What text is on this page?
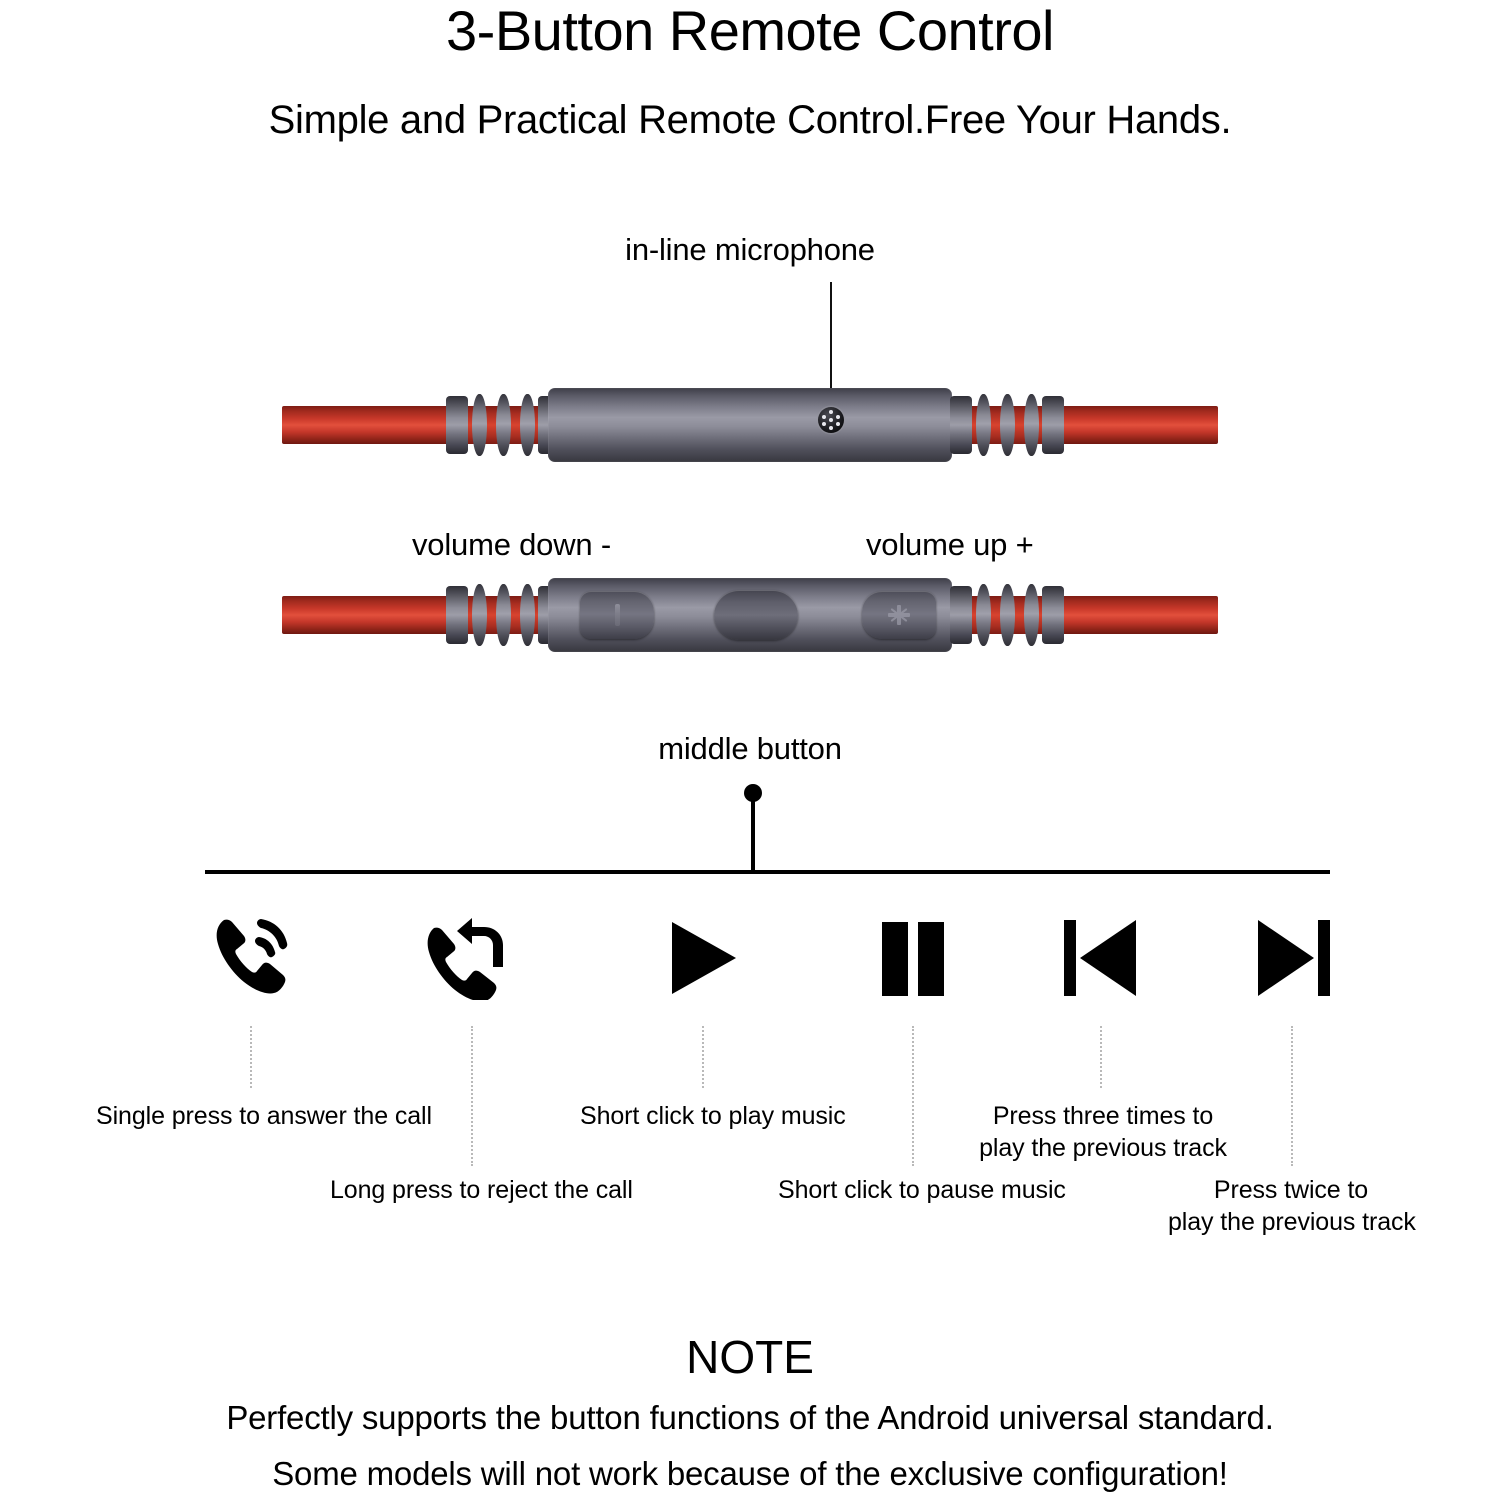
3-Button Remote Control
Simple and Practical Remote Control.Free Your Hands.
in-line microphone
volume down -	volume up +
middle button
Single press to answer the call
Long press to reject the call
Short click to play music
Short click to pause music
Press three times to
play the previous track
Press twice to
play the previous track
NOTE
Perfectly supports the button functions of the Android universal standard.
Some models will not work because of the exclusive configuration!
